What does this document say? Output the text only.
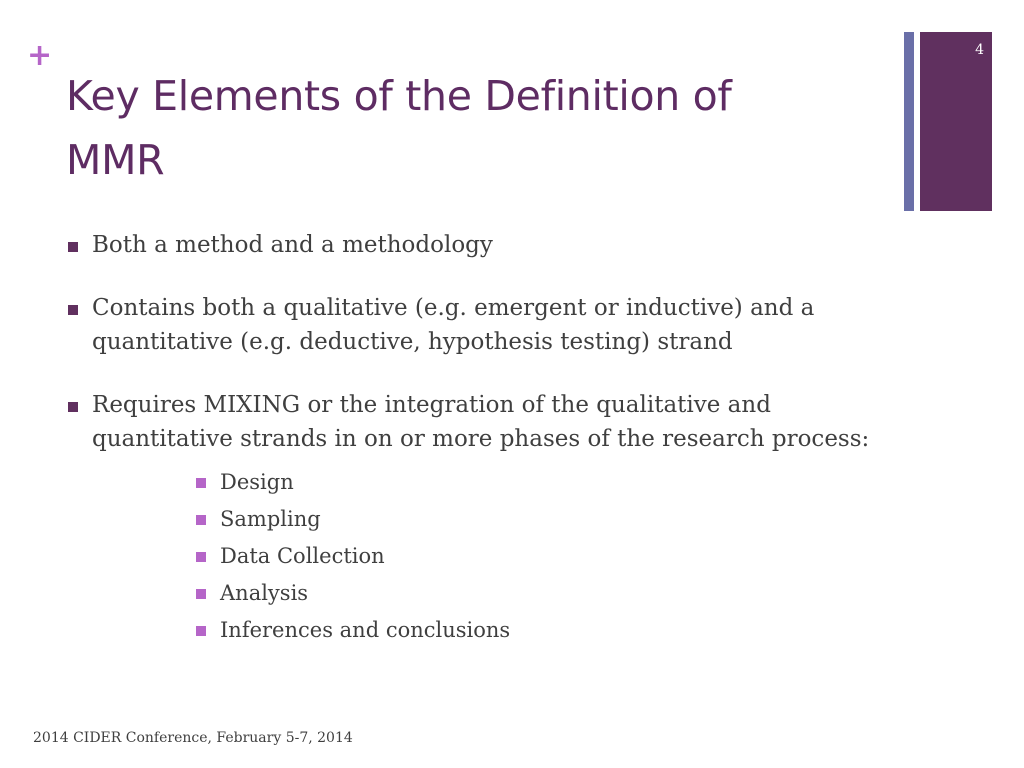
+
Key Elements of the Definition of
MMR
4
Both a method and a methodology
Contains both a qualitative (e.g. emergent or inductive) and a quantitative (e.g. deductive, hypothesis testing) strand
Requires MIXING or the integration of the qualitative and quantitative strands in on or more phases of the research process:
Design
Sampling
Data Collection
Analysis
Inferences and conclusions
2014 CIDER Conference, February 5-7, 2014
